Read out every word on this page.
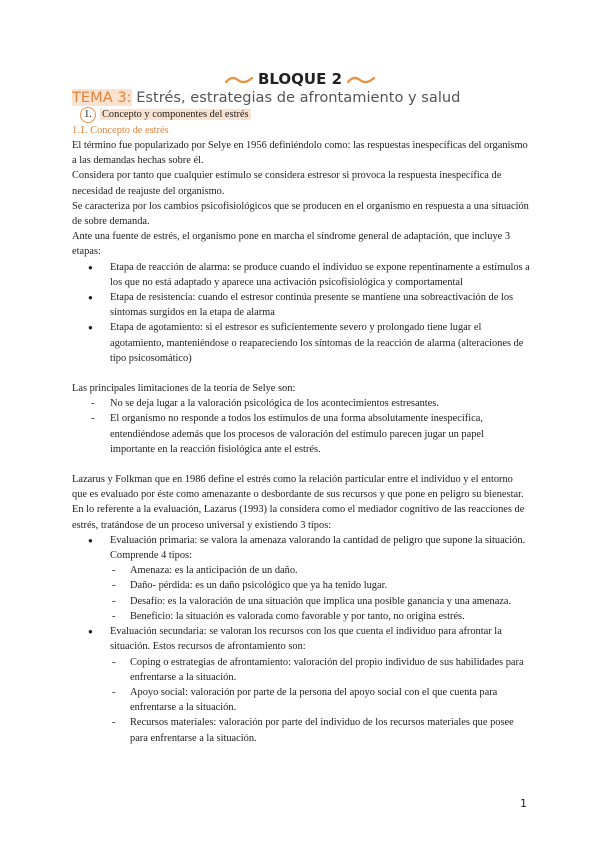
BLOQUE 2
TEMA 3: Estrés, estrategias de afrontamiento y salud
1. Concepto y componentes del estrés
1.1. Concepto de estrés

El término fue popularizado por Selye en 1956 definiéndolo como: las respuestas inespecíficas del organismo a las demandas hechas sobre él.

Considera por tanto que cualquier estímulo se considera estresor si provoca la respuesta inespecífica de necesidad de reajuste del organismo.

Se caracteriza por los cambios psicofisiológicos que se producen en el organismo en respuesta a una situación de sobre demanda.

Ante una fuente de estrés, el organismo pone en marcha el síndrome general de adaptación, que incluye 3 etapas:

● Etapa de reacción de alarma: se produce cuando el individuo se expone repentinamente a estímulos a los que no está adaptado y aparece una activación psicofisiológica y comportamental
● Etapa de resistencia: cuando el estresor continúa presente se mantiene una sobreactivación de los síntomas surgidos en la etapa de alarma
● Etapa de agotamiento: si el estresor es suficientemente severo y prolongado tiene lugar el agotamiento, manteniéndose o reapareciendo los síntomas de la reacción de alarma (alteraciones de tipo psicosomático)

Las principales limitaciones de la teoría de Selye son:

- No se deja lugar a la valoración psicológica de los acontecimientos estresantes.
- El organismo no responde a todos los estímulos de una forma absolutamente inespecífica, entendiéndose además que los procesos de valoración del estímulo parecen jugar un papel importante en la reacción fisiológica ante el estrés.

Lazarus y Folkman que en 1986 define el estrés como la relación particular entre el individuo y el entorno que es evaluado por éste como amenazante o desbordante de sus recursos y que pone en peligro su bienestar.

En lo referente a la evaluación, Lazarus (1993) la considera como el mediador cognitivo de las reacciones de estrés, tratándose de un proceso universal y existiendo 3 tipos:

● Evaluación primaria: se valora la amenaza valorando la cantidad de peligro que supone la situación. Comprende 4 tipos:
- Amenaza: es la anticipación de un daño.
- Daño- pérdida: es un daño psicológico que ya ha tenido lugar.
- Desafío: es la valoración de una situación que implica una posible ganancia y una amenaza.
- Beneficio: la situación es valorada como favorable y por tanto, no origina estrés.
● Evaluación secundaria: se valoran los recursos con los que cuenta el individuo para afrontar la situación. Estos recursos de afrontamiento son:
- Coping o estrategias de afrontamiento: valoración del propio individuo de sus habilidades para enfrentarse a la situación.
- Apoyo social: valoración por parte de la persona del apoyo social con el que cuenta para enfrentarse a la situación.
- Recursos materiales: valoración por parte del individuo de los recursos materiales que posee para enfrentarse a la situación.
1
